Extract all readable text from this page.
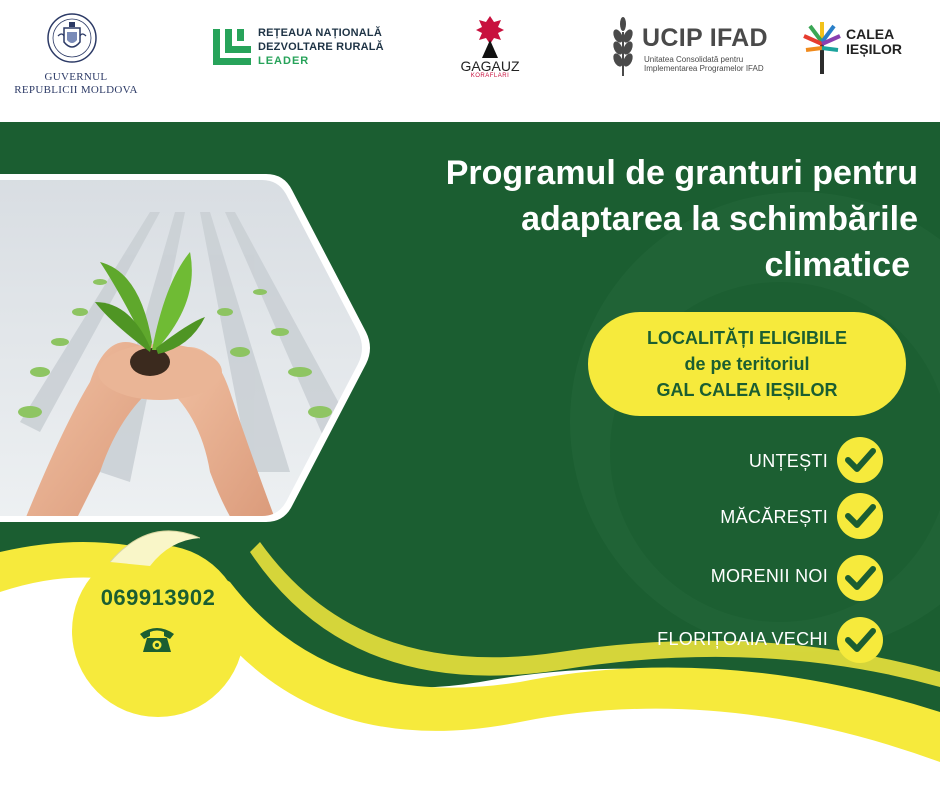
GUVERNUL
REPUBLICII MOLDOVA
REȚEAUA NAȚIONALĂ
DEZVOLTARE RURALĂ
LEADER	GAGAUZ
KORAFLARI
UCIP IFAD
Unitatea Consolidată pentru
Implementarea Programelor IFAD
CALEA
IEȘILOR
Programul de granturi pentru
adaptarea la schimbările
climatice
LOCALITĂȚI ELIGIBILE
de pe teritoriul
GAL CALEA IEȘILOR
UNȚEȘTI
MĂCĂREȘTI
MORENII NOI
FLORIȚOAIA VECHI
069913902
